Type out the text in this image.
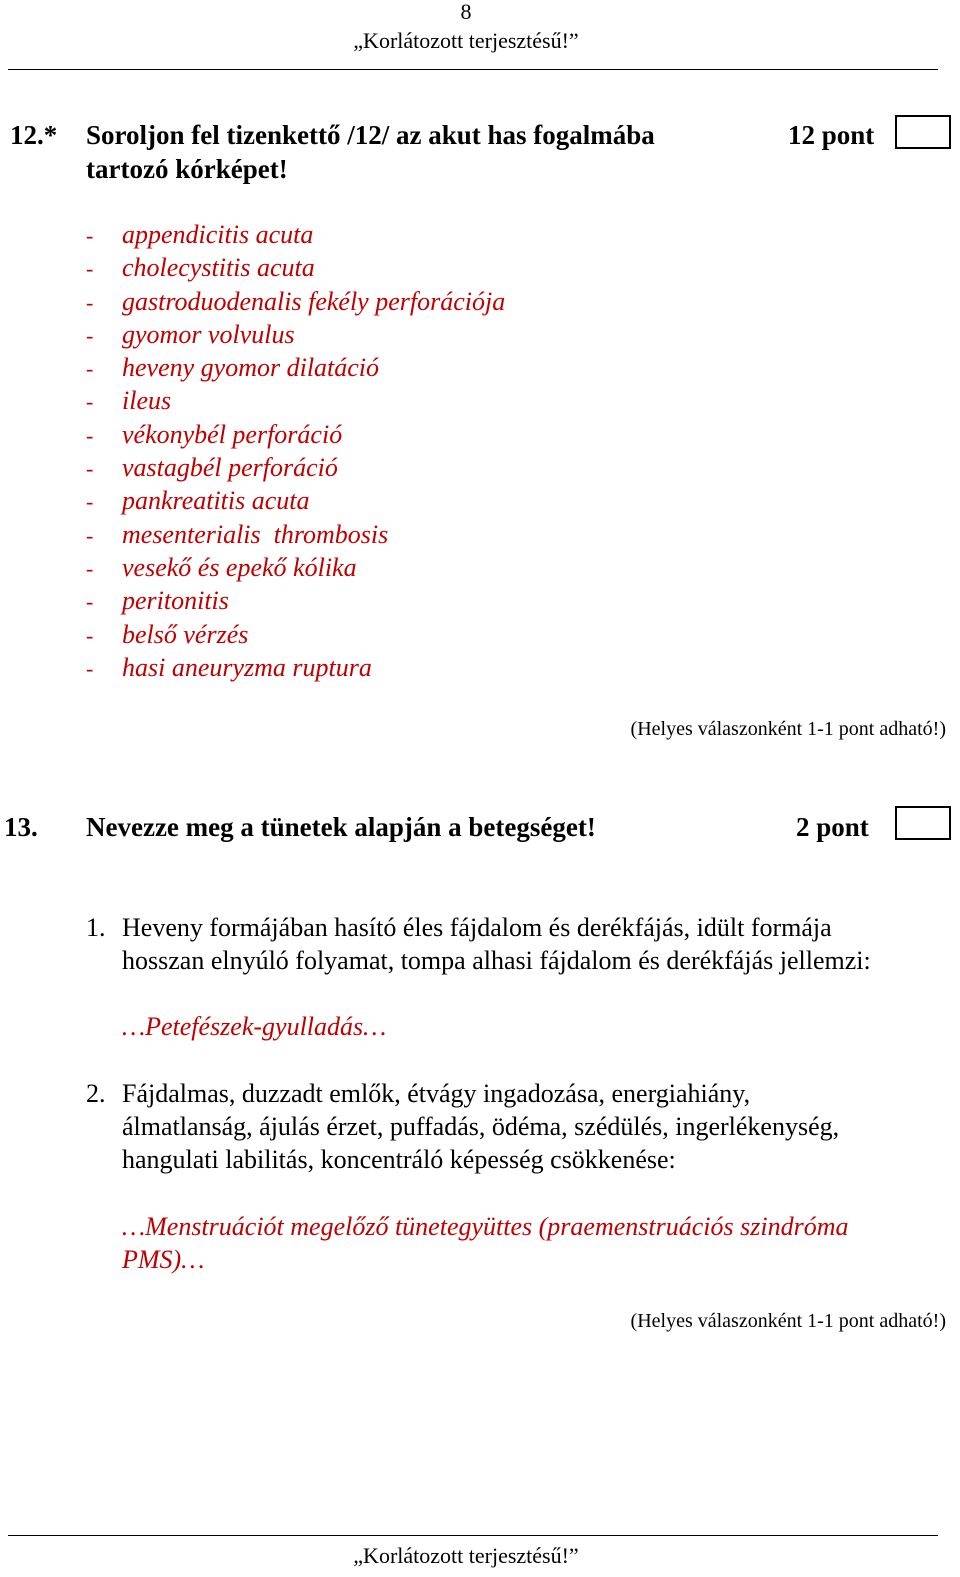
8
„Korlátozott terjesztésű!”
12.* Soroljon fel tizenkettő /12/ az akut has fogalmába
tartozó kórképet!
12 pont
- appendicitis acuta
- cholecystitis acuta
- gastroduodenalis fekély perforációja
- gyomor volvulus
- heveny gyomor dilatáció
- ileus
- vékonybél perforáció
- vastagbél perforáció
- pankreatitis acuta
- mesenterialis  thrombosis
- vesekő és epekő kólika
- peritonitis
- belső vérzés
- hasi aneuryzma ruptura
(Helyes válaszonként 1-1 pont adható!)
13. Nevezze meg a tünetek alapján a betegséget!	2 pont
1. Heveny formájában hasító éles fájdalom és derékfájás, idült formája
hosszan elnyúló folyamat, tompa alhasi fájdalom és derékfájás jellemzi:
…Petefészek-gyulladás…
2. Fájdalmas, duzzadt emlők, étvágy ingadozása, energiahiány,
álmatlanság, ájulás érzet, puffadás, ödéma, szédülés, ingerlékenység,
hangulati labilitás, koncentráló képesség csökkenése:
…Menstruációt megelőző tünetegyüttes (praemenstruációs szindróma
PMS)…
(Helyes válaszonként 1-1 pont adható!)
„Korlátozott terjesztésű!”
